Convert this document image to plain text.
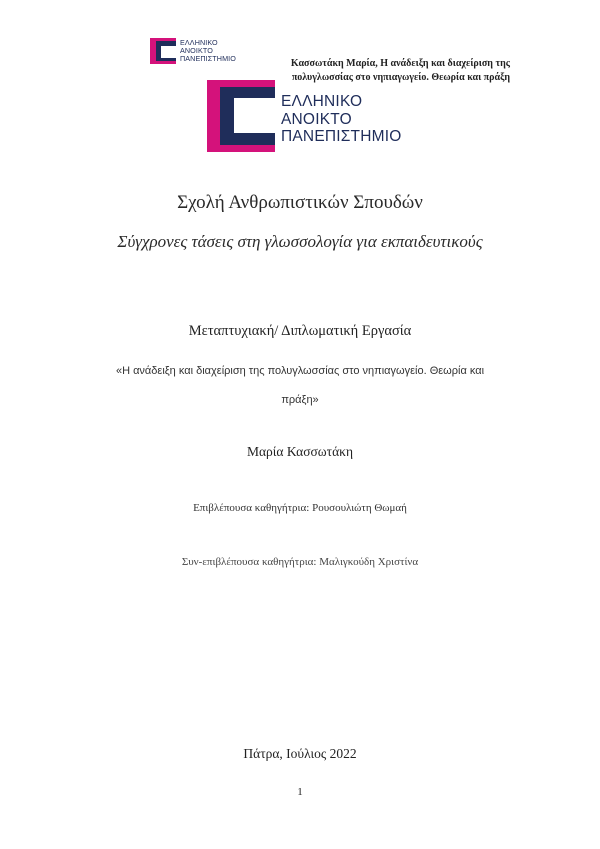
ΕΛΛΗΝΙΚΟ
ΑΝΟΙΚΤΟ
ΠΑΝΕΠΙΣΤΗΜΙΟ	Κασσωτάκη Μαρία, Η ανάδειξη και διαχείριση της
πολυγλωσσίας στο νηπιαγωγείο. Θεωρία και πράξη
ΕΛΛΗΝΙΚΟ
ΑΝΟΙΚΤΟ
ΠΑΝΕΠΙΣΤΗΜΙΟ
Σχολή Ανθρωπιστικών Σπουδών
Σύγχρονες τάσεις στη γλωσσολογία για εκπαιδευτικούς
Μεταπτυχιακή/ Διπλωματική Εργασία
«Η ανάδειξη και διαχείριση της πολυγλωσσίας στο νηπιαγωγείο. Θεωρία και
πράξη»
Μαρία Κασσωτάκη
Επιβλέπουσα καθηγήτρια: Ρουσουλιώτη Θωμαή
Συν-επιβλέπουσα καθηγήτρια: Μαλιγκούδη Χριστίνα
Πάτρα, Ιούλιος 2022
1
